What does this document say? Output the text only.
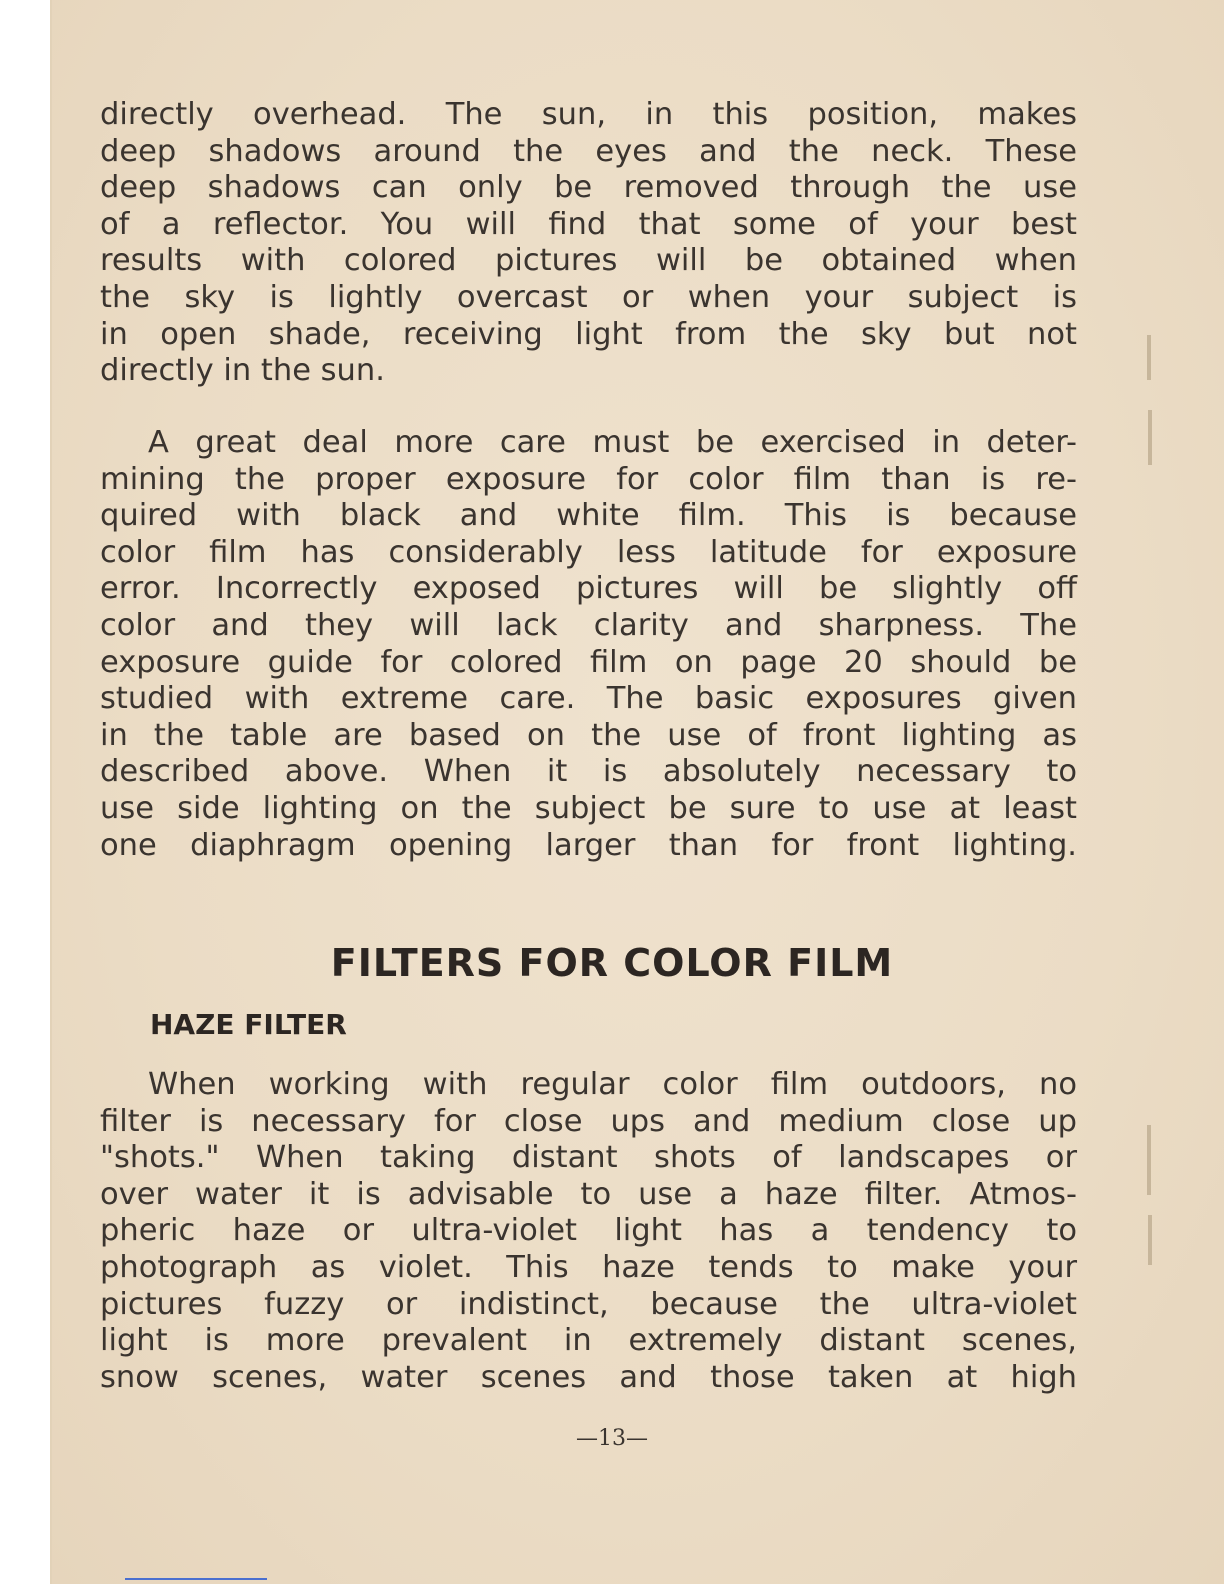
directly overhead. The sun, in this position, makes
deep shadows around the eyes and the neck. These
deep shadows can only be removed through the use
of a reflector. You will find that some of your best
results with colored pictures will be obtained when
the sky is lightly overcast or when your subject is
in open shade, receiving light from the sky but not
directly in the sun.
A great deal more care must be exercised in deter-
mining the proper exposure for color film than is re-
quired with black and white film. This is because
color film has considerably less latitude for exposure
error. Incorrectly exposed pictures will be slightly off
color and they will lack clarity and sharpness. The
exposure guide for colored film on page 20 should be
studied with extreme care. The basic exposures given
in the table are based on the use of front lighting as
described above. When it is absolutely necessary to
use side lighting on the subject be sure to use at least
one diaphragm opening larger than for front lighting.
FILTERS FOR COLOR FILM
HAZE FILTER
When working with regular color film outdoors, no
filter is necessary for close ups and medium close up
"shots." When taking distant shots of landscapes or
over water it is advisable to use a haze filter. Atmos-
pheric haze or ultra-violet light has a tendency to
photograph as violet. This haze tends to make your
pictures fuzzy or indistinct, because the ultra-violet
light is more prevalent in extremely distant scenes,
snow scenes, water scenes and those taken at high
—13—
